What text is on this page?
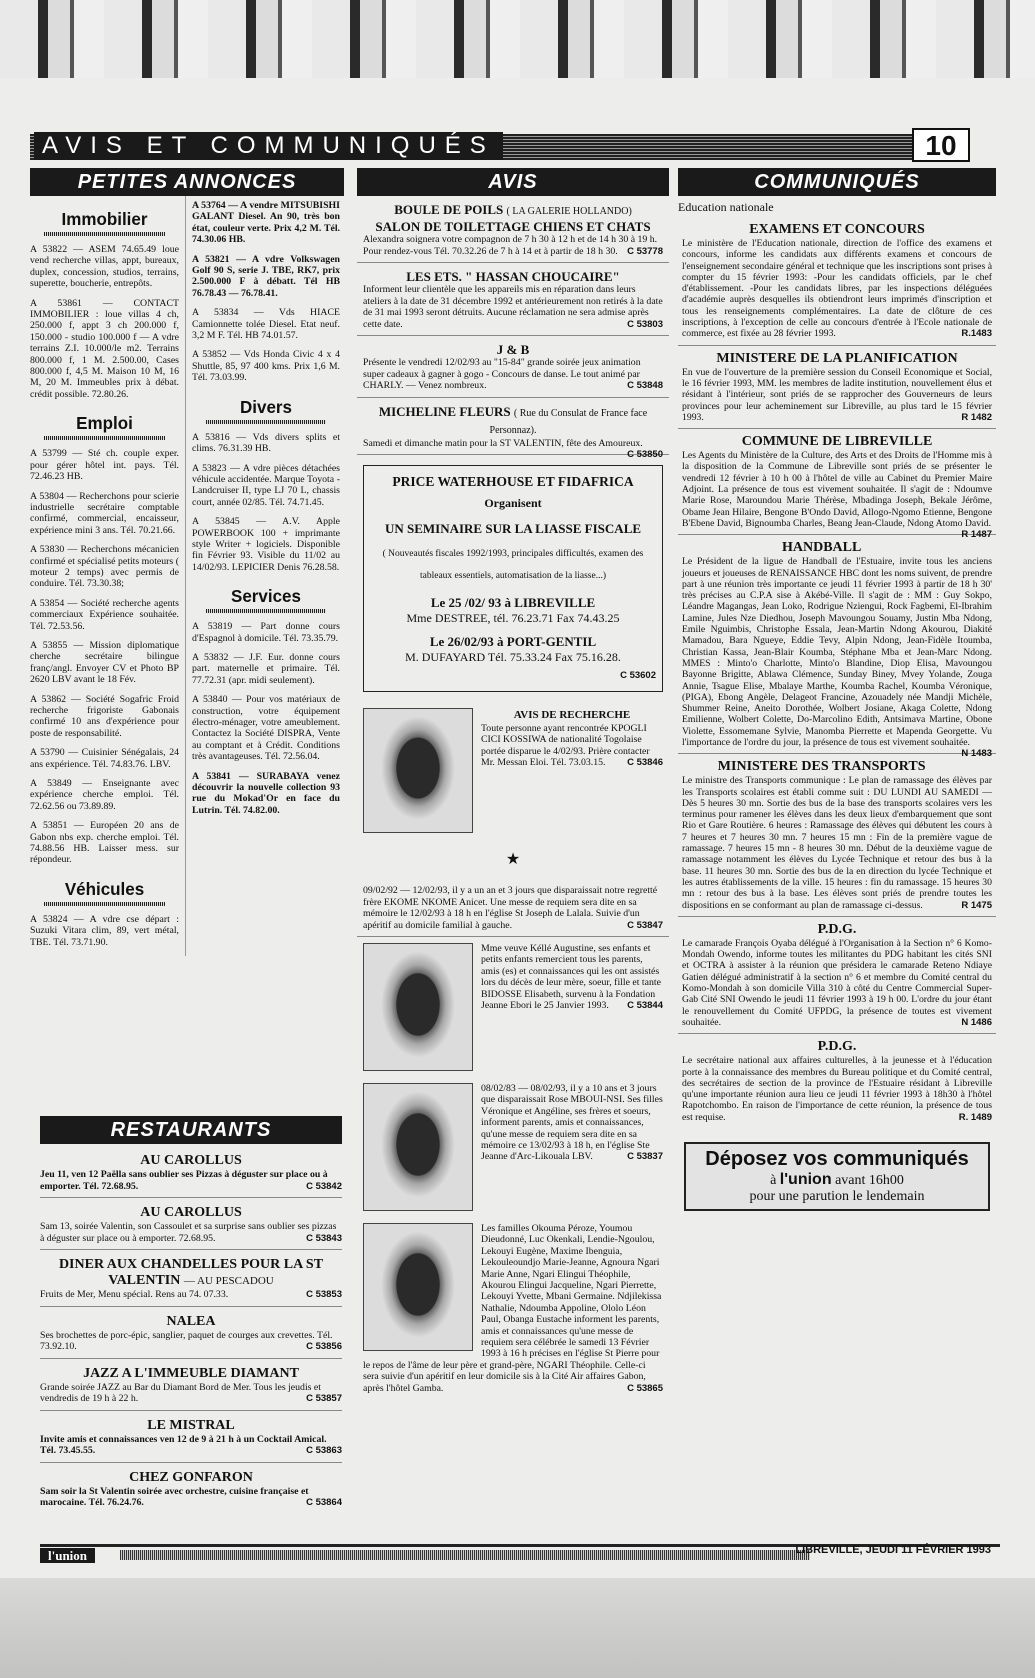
AVIS ET COMMUNIQUÉS	10
PETITES ANNONCES
Immobilier

A 53822 — ASEM 74.65.49 loue vend recherche villas, appt, bureaux, duplex, concession, studios, terrains, superette, boucherie, entrepôts.

A 53861 — CONTACT IMMOBILIER : loue villas 4 ch, 250.000 f, appt 3 ch 200.000 f, 150.000 - studio 100.000 f — A vdre terrains Z.I. 10.000/le m2. Terrains 800.000 f, 1 M. 2.500.00, Cases 800.000 f, 4,5 M. Maison 10 M, 16 M, 20 M. Immeubles prix à débat. crédit possible. 72.80.26.

Emploi

A 53799 — Sté ch. couple exper. pour gérer hôtel int. pays. Tél. 72.46.23 HB.

A 53804 — Recherchons pour scierie industrielle secrétaire comptable confirmé, commercial, encaisseur, expérience mini 3 ans. Tél. 70.21.66.

A 53830 — Recherchons mécanicien confirmé et spécialisé petits moteurs ( moteur 2 temps) avec permis de conduire. Tél. 73.30.38;

A 53854 — Société recherche agents commerciaux Expérience souhaitée. Tél. 72.53.56.

A 53855 — Mission diplomatique cherche secrétaire bilingue franç/angl. Envoyer CV et Photo BP 2620 LBV avant le 18 Fév.

A 53862 — Société Sogafric Froid recherche frigoriste Gabonais confirmé 10 ans d'expérience pour poste de responsabilité.

A 53790 — Cuisinier Sénégalais, 24 ans expérience. Tél. 74.83.76. LBV.

A 53849 — Enseignante avec expérience cherche emploi. Tél. 72.62.56 ou 73.89.89.

A 53851 — Européen 20 ans de Gabon nbs exp. cherche emploi. Tél. 74.88.56 HB. Laisser mess. sur répondeur.

Véhicules

A 53824 — A vdre cse départ : Suzuki Vitara clim, 89, vert métal, TBE. Tél. 73.71.90.

A 53764 — A vendre MITSUBISHI GALANT Diesel. An 90, très bon état, couleur verte. Prix 4,2 M. Tél. 74.30.06 HB.

A 53821 — A vdre Volkswagen Golf 90 S, serie J. TBE, RK7, prix 2.500.000 F à débatt. Tél HB 76.78.43 — 76.78.41.

A 53834 — Vds HIACE Camionnette tolée Diesel. Etat neuf. 3,2 M F. Tél. HB 74.01.57.

A 53852 — Vds Honda Civic 4 x 4 Shuttle, 85, 97 400 kms. Prix 1,6 M. Tél. 73.03.99.

Divers

A 53816 — Vds divers splits et clims. 76.31.39 HB.

A 53823 — A vdre pièces détachées véhicule accidentée. Marque Toyota - Landcruiser II, type LJ 70 L, chassis court, année 02/85. Tél. 74.71.45.

A 53845 — A.V. Apple POWERBOOK 100 + imprimante style Writer + logiciels. Disponible fin Février 93. Visible du 11/02 au 14/02/93. LEPICIER Denis 76.28.58.

Services

A 53819 — Part donne cours d'Espagnol à domicile. Tél. 73.35.79.

A 53832 — J.F. Eur. donne cours part. maternelle et primaire. Tél. 77.72.31 (apr. midi seulement).

A 53840 — Pour vos matériaux de construction, votre équipement électro-ménager, votre ameublement. Contactez la Société DISPRA, Vente au comptant et à Crédit. Conditions très avantageuses. Tél. 72.56.04.

A 53841 — SURABAYA venez découvrir la nouvelle collection 93 rue du Mokad'Or en face du Lutrin. Tél. 74.82.00.

RESTAURANTS
AU CAROLLUS
Jeu 11, ven 12 Paëlla sans oublier ses Pizzas à déguster sur place ou à emporter. Tél. 72.68.95.	C 53842
AU CAROLLUS
Sam 13, soirée Valentin, son Cassoulet et sa surprise sans oublier ses pizzas à déguster sur place ou à emporter. 72.68.95.	C 53843
DINER AUX CHANDELLES POUR LA ST VALENTIN — AU PESCADOU
Fruits de Mer, Menu spécial. Rens au 74. 07.33.	C 53853
NALEA
Ses brochettes de porc-épic, sanglier, paquet de courges aux crevettes. Tél. 73.92.10.	C 53856
JAZZ A L'IMMEUBLE DIAMANT
Grande soirée JAZZ au Bar du Diamant Bord de Mer. Tous les jeudis et vendredis de 19 h à 22 h.	C 53857
LE MISTRAL
Invite amis et connaissances ven 12 de 9 à 21 h à un Cocktail Amical. Tél. 73.45.55.	C 53863
CHEZ GONFARON
Sam soir la St Valentin soirée avec orchestre, cuisine française et marocaine. Tél. 76.24.76.	C 53864
AVIS
BOULE DE POILS ( LA GALERIE HOLLANDO)
SALON DE TOILETTAGE CHIENS ET CHATS
Alexandra soignera votre compagnon de 7 h 30 à 12 h et de 14 h 30 à 19 h. Pour rendez-vous Tél. 70.32.26 de 7 h à 14 et à partir de 18 h 30. C 53778
LES ETS. " HASSAN CHOUCAIRE"
Informent leur clientèle que les appareils mis en réparation dans leurs ateliers à la date de 31 décembre 1992 et antérieurement non retirés à la date de 31 mai 1993 seront détruits. Aucune réclamation ne sera admise après cette date.	C 53803
J & B
Présente le vendredi 12/02/93 au "15-84" grande soirée jeux animation super cadeaux à gagner à gogo - Concours de danse. Le tout animé par CHARLY. — Venez nombreux.	C 53848
MICHELINE FLEURS ( Rue du Consulat de France face Personnaz).
Samedi et dimanche matin pour la ST VALENTIN, fête des Amoureux.
C 53850
PRICE WATERHOUSE ET FIDAFRICA
Organisent
UN SEMINAIRE SUR LA LIASSE FISCALE
( Nouveautés fiscales 1992/1993, principales difficultés, examen des tableaux essentiels, automatisation de la liasse...)
Le 25 /02/ 93 à LIBREVILLE
Mme DESTREE, tél. 76.23.71 Fax 74.43.25
Le 26/02/93 à PORT-GENTIL
M. DUFAYARD Tél. 75.33.24 Fax 75.16.28.
C 53602
AVIS DE RECHERCHE
Toute personne ayant rencontrée KPOGLI CICI KOSSIWA de nationalité Togolaise portée disparue le 4/02/93. Prière contacter Mr. Messan Eloi. Tél. 73.03.15. C 53846
★
09/02/92 — 12/02/93, il y a un an et 3 jours que disparaissait notre regretté frère EKOME NKOME Anicet. Une messe de requiem sera dite en sa mémoire le 12/02/93 à 18 h en l'église St Joseph de Lalala. Suivie d'un apéritif au domicile familial à gauche.	C 53847
Mme veuve Kéllé Augustine, ses enfants et petits enfants remercient tous les parents, amis (es) et connaissances qui les ont assistés lors du décès de leur mère, soeur, fille et tante BIDOSSE Elisabeth, survenu à la Fondation Jeanne Ebori le 25 Janvier 1993. C 53844
08/02/83 — 08/02/93, il y a 10 ans et 3 jours que disparaissait Rose MBOUI-NSI. Ses filles Véronique et Angéline, ses frères et soeurs, informent parents, amis et connaissances, qu'une messe de requiem sera dite en sa mémoire ce 13/02/93 à 18 h, en l'église Ste Jeanne d'Arc-Likouala LBV.	C 53837
Les familles Okouma Péroze, Youmou Dieudonné, Luc Okenkali, Lendie-Ngoulou, Lekouyi Eugène, Maxime Ibenguia, Lekouleoundjo Marie-Jeanne, Agnoura Ngari Marie Anne, Ngari Elingui Théophile, Akourou Elingui Jacqueline, Ngari Pierrette, Lekouyi Yvette, Mbani Germaine. Ndjilekissa Nathalie, Ndoumba Appoline, Ololo Léon Paul, Obanga Eustache informent les parents, amis et connaissances qu'une messe de requiem sera célébrée le samedi 13 Février 1993 à 16 h précises en l'église St Pierre pour le repos de l'âme de leur père et grand-père, NGARI Théophile. Celle-ci sera suivie d'un apéritif en leur domicile sis à la Cité Air affaires Gabon, après l'hôtel Gamba.	C 53865
COMMUNIQUÉS
Education nationale
EXAMENS ET CONCOURS
Le ministère de l'Education nationale, direction de l'office des examens et concours, informe les candidats aux différents examens et concours de l'enseignement secondaire général et technique que les inscriptions sont prises à compter du 15 février 1993: -Pour les candidats officiels, par le chef d'établissement. -Pour les candidats libres, par les inspections déléguées d'académie auprès desquelles ils obtiendront leurs imprimés d'inscription et tous les renseignements complémentaires. La date de clôture de ces inscriptions, à l'exception de celle au concours d'entrée à l'Ecole nationale de commerce, est fixée au 28 février 1993.	R.1483
MINISTERE DE LA PLANIFICATION
En vue de l'ouverture de la première session du Conseil Economique et Social, le 16 février 1993, MM. les membres de ladite institution, nouvellement élus et résidant à l'intérieur, sont priés de se rapprocher des Gouverneurs de leurs provinces pour leur acheminement sur Libreville, au plus tard le 15 février 1993.	R 1482
COMMUNE DE LIBREVILLE
Les Agents du Ministère de la Culture, des Arts et des Droits de l'Homme mis à la disposition de la Commune de Libreville sont priés de se présenter le vendredi 12 février à 10 h 00 à l'hôtel de ville au Cabinet du Premier Maire Adjoint. La présence de tous est vivement souhaitée. Il s'agit de : Ndoumve Marie Rose, Maroundou Marie Thérèse, Mbadinga Joseph, Bekale Jérôme, Obame Jean Hilaire, Bengone B'Ondo David, Allogo-Ngomo Etienne, Bengone B'Ebene David, Bignoumba Charles, Beang Jean-Claude, Ndong Atomo David.
R 1487
HANDBALL
Le Président de la ligue de Handball de l'Estuaire, invite tous les anciens joueurs et joueuses de RENAISSANCE HBC dont les noms suivent, de prendre part à une réunion très importante ce jeudi 11 février 1993 à partir de 18 h 30' très précises au C.P.A sise à Akébé-Ville. Il s'agit de : MM : Guy Sokpo, Léandre Magangas, Jean Loko, Rodrigue Nziengui, Rock Fagbemi, El-Ibrahim Lamine, Jules Nze Diedhou, Joseph Mavoungou Souamy, Justin Mba Ndong, Emile Nguimbis, Christophe Essala, Jean-Martin Ndong Akourou, Diakité Mamadou, Bara Ngueye, Eddie Tevy, Alpin Ndong, Jean-Fidèle Itoumba, Christian Kassa, Jean-Blair Koumba, Stéphane Mba et Jean-Marc Ndong. MMES : Minto'o Charlotte, Minto'o Blandine, Diop Elisa, Mavoungou Bayonne Brigitte, Ablawa Clémence, Sunday Biney, Mvey Yolande, Zouga Annie, Tsague Elise, Mbalaye Marthe, Koumba Rachel, Koumba Véronique, (PIGA), Ebong Angèle, Delageot Francine, Azouadely née Mandji Michèle, Shummer Reine, Aneito Dorothée, Wolbert Josiane, Akaga Colette, Ndong Emilienne, Wolbert Colette, Do-Marcolino Edith, Antsimava Martine, Obone Violette, Essomemane Sylvie, Manomba Pierrette et Mapenda Georgette. Vu l'importance de l'ordre du jour, la présence de tous est vivement souhaitée.
N 1483
MINISTERE DES TRANSPORTS
Le ministre des Transports communique : Le plan de ramassage des élèves par les Transports scolaires est établi comme suit : DU LUNDI AU SAMEDI — Dès 5 heures 30 mn. Sortie des bus de la base des transports scolaires vers les terminus pour ramener les élèves dans les deux lieux d'embarquement que sont Rio et Gare Routière. 6 heures : Ramassage des élèves qui débutent les cours à 7 heures et 7 heures 30 mn. 7 heures 15 mn : Fin de la première vague de ramassage. 7 heures 15 mn - 8 heures 30 mn. Début de la deuxième vague de ramassage notamment les élèves du Lycée Technique et retour des bus à la base. 11 heures 30 mn. Sortie des bus de la en direction du lycée Technique et les autres établissements de la ville. 15 heures : fin du ramassage. 15 heures 30 mn : retour des bus à la base. Les élèves sont priés de prendre toutes les dispositions en se conformant au plan de ramassage ci-dessus.	R 1475
P.D.G.
Le camarade François Oyaba délégué à l'Organisation à la Section n° 6 Komo-Mondah Owendo, informe toutes les militantes du PDG habitant les cités SNI et OCTRA à assister à la réunion que présidera le camarade Reteno Ndiaye Gatien délégué administratif à la section n° 6 et membre du Comité central du Komo-Mondah à son domicile Villa 310 à côté du Centre Commercial Super-Gab Cité SNI Owendo le jeudi 11 février 1993 à 19 h 00. L'ordre du jour étant le renouvellement du Comité UFPDG, la présence de toutes est vivement souhaitée.	N 1486
P.D.G.
Le secrétaire national aux affaires culturelles, à la jeunesse et à l'éducation porte à la connaissance des membres du Bureau politique et du Comité central, des secrétaires de section de la province de l'Estuaire résidant à Libreville qu'une importante réunion aura lieu ce jeudi 11 février 1993 à 18h30 à l'hôtel Rapotchombo. En raison de l'importance de cette réunion, la présence de tous est requise.	R. 1489
Déposez vos communiqués
à l'union avant 16h00
pour une parution le lendemain
l'union	LIBREVILLE, JEUDI 11 FÉVRIER 1993
